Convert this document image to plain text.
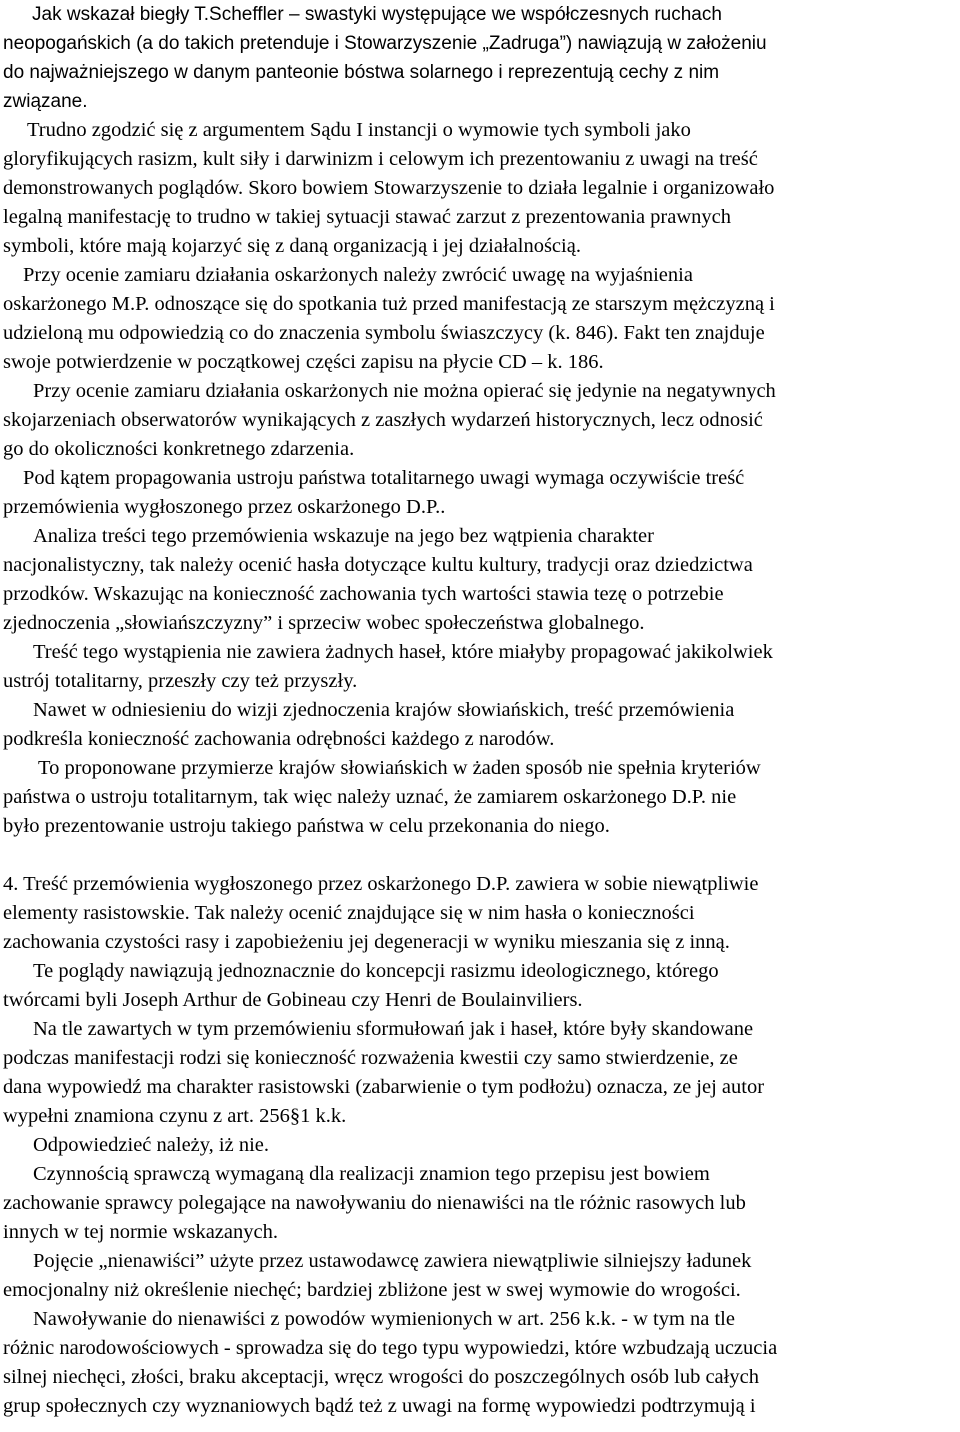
Jak wskazał biegły T.Scheffler – swastyki występujące we współczesnych ruchach
neopogańskich (a do takich pretenduje i Stowarzyszenie „Zadruga”) nawiązują w założeniu
do najważniejszego w danym panteonie bóstwa solarnego i reprezentują cechy z nim
związane.
Trudno zgodzić się z argumentem Sądu I instancji o wymowie tych symboli jako
gloryfikujących rasizm, kult siły i darwinizm i celowym ich prezentowaniu z uwagi na treść
demonstrowanych poglądów. Skoro bowiem Stowarzyszenie to działa legalnie i organizowało
legalną manifestację to trudno w takiej sytuacji stawać zarzut z prezentowania prawnych
symboli, które mają kojarzyć się z daną organizacją i jej działalnością.
Przy ocenie zamiaru działania oskarżonych należy zwrócić uwagę na wyjaśnienia
oskarżonego M.P. odnoszące się do spotkania tuż przed manifestacją ze starszym mężczyzną i
udzieloną mu odpowiedzią co do znaczenia symbolu świaszczycy (k. 846). Fakt ten znajduje
swoje potwierdzenie w początkowej części zapisu na płycie CD – k. 186.
Przy ocenie zamiaru działania oskarżonych nie można opierać się jedynie na negatywnych
skojarzeniach obserwatorów wynikających z zaszłych wydarzeń historycznych, lecz odnosić
go do okoliczności konkretnego zdarzenia.
Pod kątem propagowania ustroju państwa totalitarnego uwagi wymaga oczywiście treść
przemówienia wygłoszonego przez oskarżonego D.P..
Analiza treści tego przemówienia wskazuje na jego bez wątpienia charakter
nacjonalistyczny, tak należy ocenić hasła dotyczące kultu kultury, tradycji oraz dziedzictwa
przodków. Wskazując na konieczność zachowania tych wartości stawia tezę o potrzebie
zjednoczenia „słowiańszczyzny” i sprzeciw wobec społeczeństwa globalnego.
Treść tego wystąpienia nie zawiera żadnych haseł, które miałyby propagować jakikolwiek
ustrój totalitarny, przeszły czy też przyszły.
Nawet w odniesieniu do wizji zjednoczenia krajów słowiańskich, treść przemówienia
podkreśla konieczność zachowania odrębności każdego z narodów.
To proponowane przymierze krajów słowiańskich w żaden sposób nie spełnia kryteriów
państwa o ustroju totalitarnym, tak więc należy uznać, że zamiarem oskarżonego D.P. nie
było prezentowanie ustroju takiego państwa w celu przekonania do niego.
4. Treść przemówienia wygłoszonego przez oskarżonego D.P. zawiera w sobie niewątpliwie
elementy rasistowskie. Tak należy ocenić znajdujące się w nim hasła o konieczności
zachowania czystości rasy i zapobieżeniu jej degeneracji w wyniku mieszania się z inną.
Te poglądy nawiązują jednoznacznie do koncepcji rasizmu ideologicznego, którego
twórcami byli Joseph Arthur de Gobineau czy Henri de Boulainviliers.
Na tle zawartych w tym przemówieniu sformułowań jak i haseł, które były skandowane
podczas manifestacji rodzi się konieczność rozważenia kwestii czy samo stwierdzenie, ze
dana wypowiedź ma charakter rasistowski (zabarwienie o tym podłożu) oznacza, ze jej autor
wypełni znamiona czynu z art. 256§1 k.k.
Odpowiedzieć należy, iż nie.
Czynnością sprawczą wymaganą dla realizacji znamion tego przepisu jest bowiem
zachowanie sprawcy polegające na nawoływaniu do nienawiści na tle różnic rasowych lub
innych w tej normie wskazanych.
Pojęcie „nienawiści” użyte przez ustawodawcę zawiera niewątpliwie silniejszy ładunek
emocjonalny niż określenie niechęć; bardziej zbliżone jest w swej wymowie do wrogości.
Nawoływanie do nienawiści z powodów wymienionych w art. 256 k.k. - w tym na tle
różnic narodowościowych - sprowadza się do tego typu wypowiedzi, które wzbudzają uczucia
silnej niechęci, złości, braku akceptacji, wręcz wrogości do poszczególnych osób lub całych
grup społecznych czy wyznaniowych bądź też z uwagi na formę wypowiedzi podtrzymują i
